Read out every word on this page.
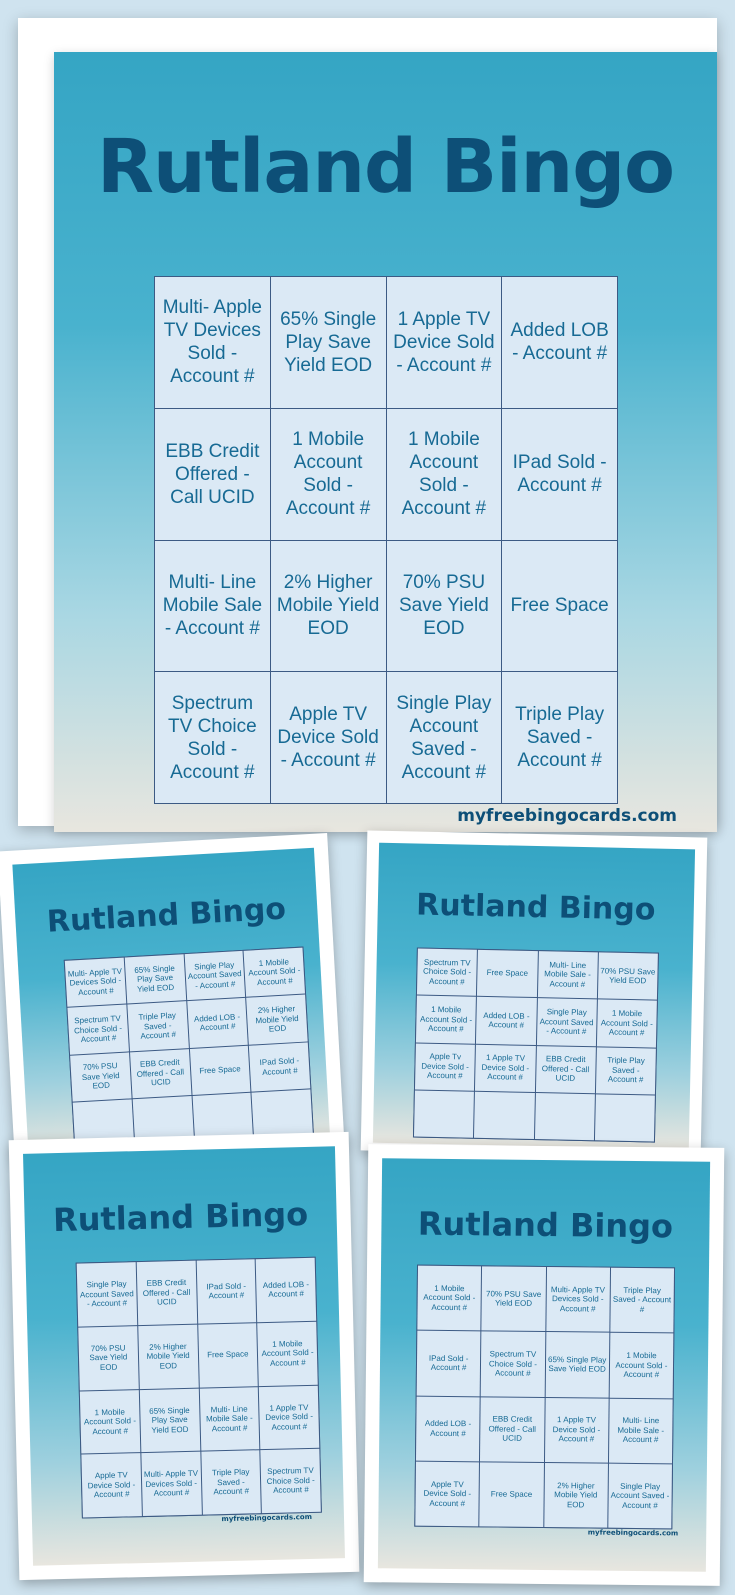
Rutland Bingo
Multi- Apple TV Devices Sold - Account #
65% Single Play Save Yield EOD
1 Apple TV Device Sold - Account #
Added LOB - Account #
EBB Credit Offered - Call UCID
1 Mobile Account Sold - Account #
1 Mobile Account Sold - Account #
IPad Sold - Account #
Multi- Line Mobile Sale - Account #
2% Higher Mobile Yield EOD
70% PSU Save Yield EOD
Free Space
Spectrum TV Choice Sold - Account #
Apple TV Device Sold - Account #
Single Play Account Saved - Account #
Triple Play Saved - Account #
myfreebingocards.com
Rutland Bingo
Multi- Apple TV Devices Sold - Account #
65% Single Play Save Yield EOD
Single Play Account Saved - Account #
1 Mobile Account Sold - Account #
Spectrum TV Choice Sold - Account #
Triple Play Saved - Account #
Added LOB - Account #
2% Higher Mobile Yield EOD
70% PSU Save Yield EOD
EBB Credit Offered - Call UCID
Free Space
IPad Sold - Account #
Rutland Bingo
Spectrum TV Choice Sold - Account #
Free Space
Multi- Line Mobile Sale - Account #
70% PSU Save Yield EOD
1 Mobile Account Sold - Account #
Added LOB - Account #
Single Play Account Saved - Account #
1 Mobile Account Sold - Account #
Apple Tv Device Sold - Account #
1 Apple TV Device Sold - Account #
EBB Credit Offered - Call UCID
Triple Play Saved - Account #
Rutland Bingo
Single Play Account Saved - Account #
EBB Credit Offered - Call UCID
IPad Sold - Account #
Added LOB - Account #
70% PSU Save Yield EOD
2% Higher Mobile Yield EOD
Free Space
1 Mobile Account Sold - Account #
1 Mobile Account Sold - Account #
65% Single Play Save Yield EOD
Multi- Line Mobile Sale - Account #
1 Apple TV Device Sold - Account #
Apple TV Device Sold - Account #
Multi- Apple TV Devices Sold - Account #
Triple Play Saved - Account #
Spectrum TV Choice Sold - Account #
myfreebingocards.com
Rutland Bingo
1 Mobile Account Sold - Account #
70% PSU Save Yield EOD
Multi- Apple TV Devices Sold - Account #
Triple Play Saved - Account #
IPad Sold - Account #
Spectrum TV Choice Sold - Account #
65% Single Play Save Yield EOD
1 Mobile Account Sold - Account #
Added LOB - Account #
EBB Credit Offered - Call UCID
1 Apple TV Device Sold - Account #
Multi- Line Mobile Sale - Account #
Apple TV Device Sold - Account #
Free Space
2% Higher Mobile Yield EOD
Single Play Account Saved - Account #
myfreebingocards.com
